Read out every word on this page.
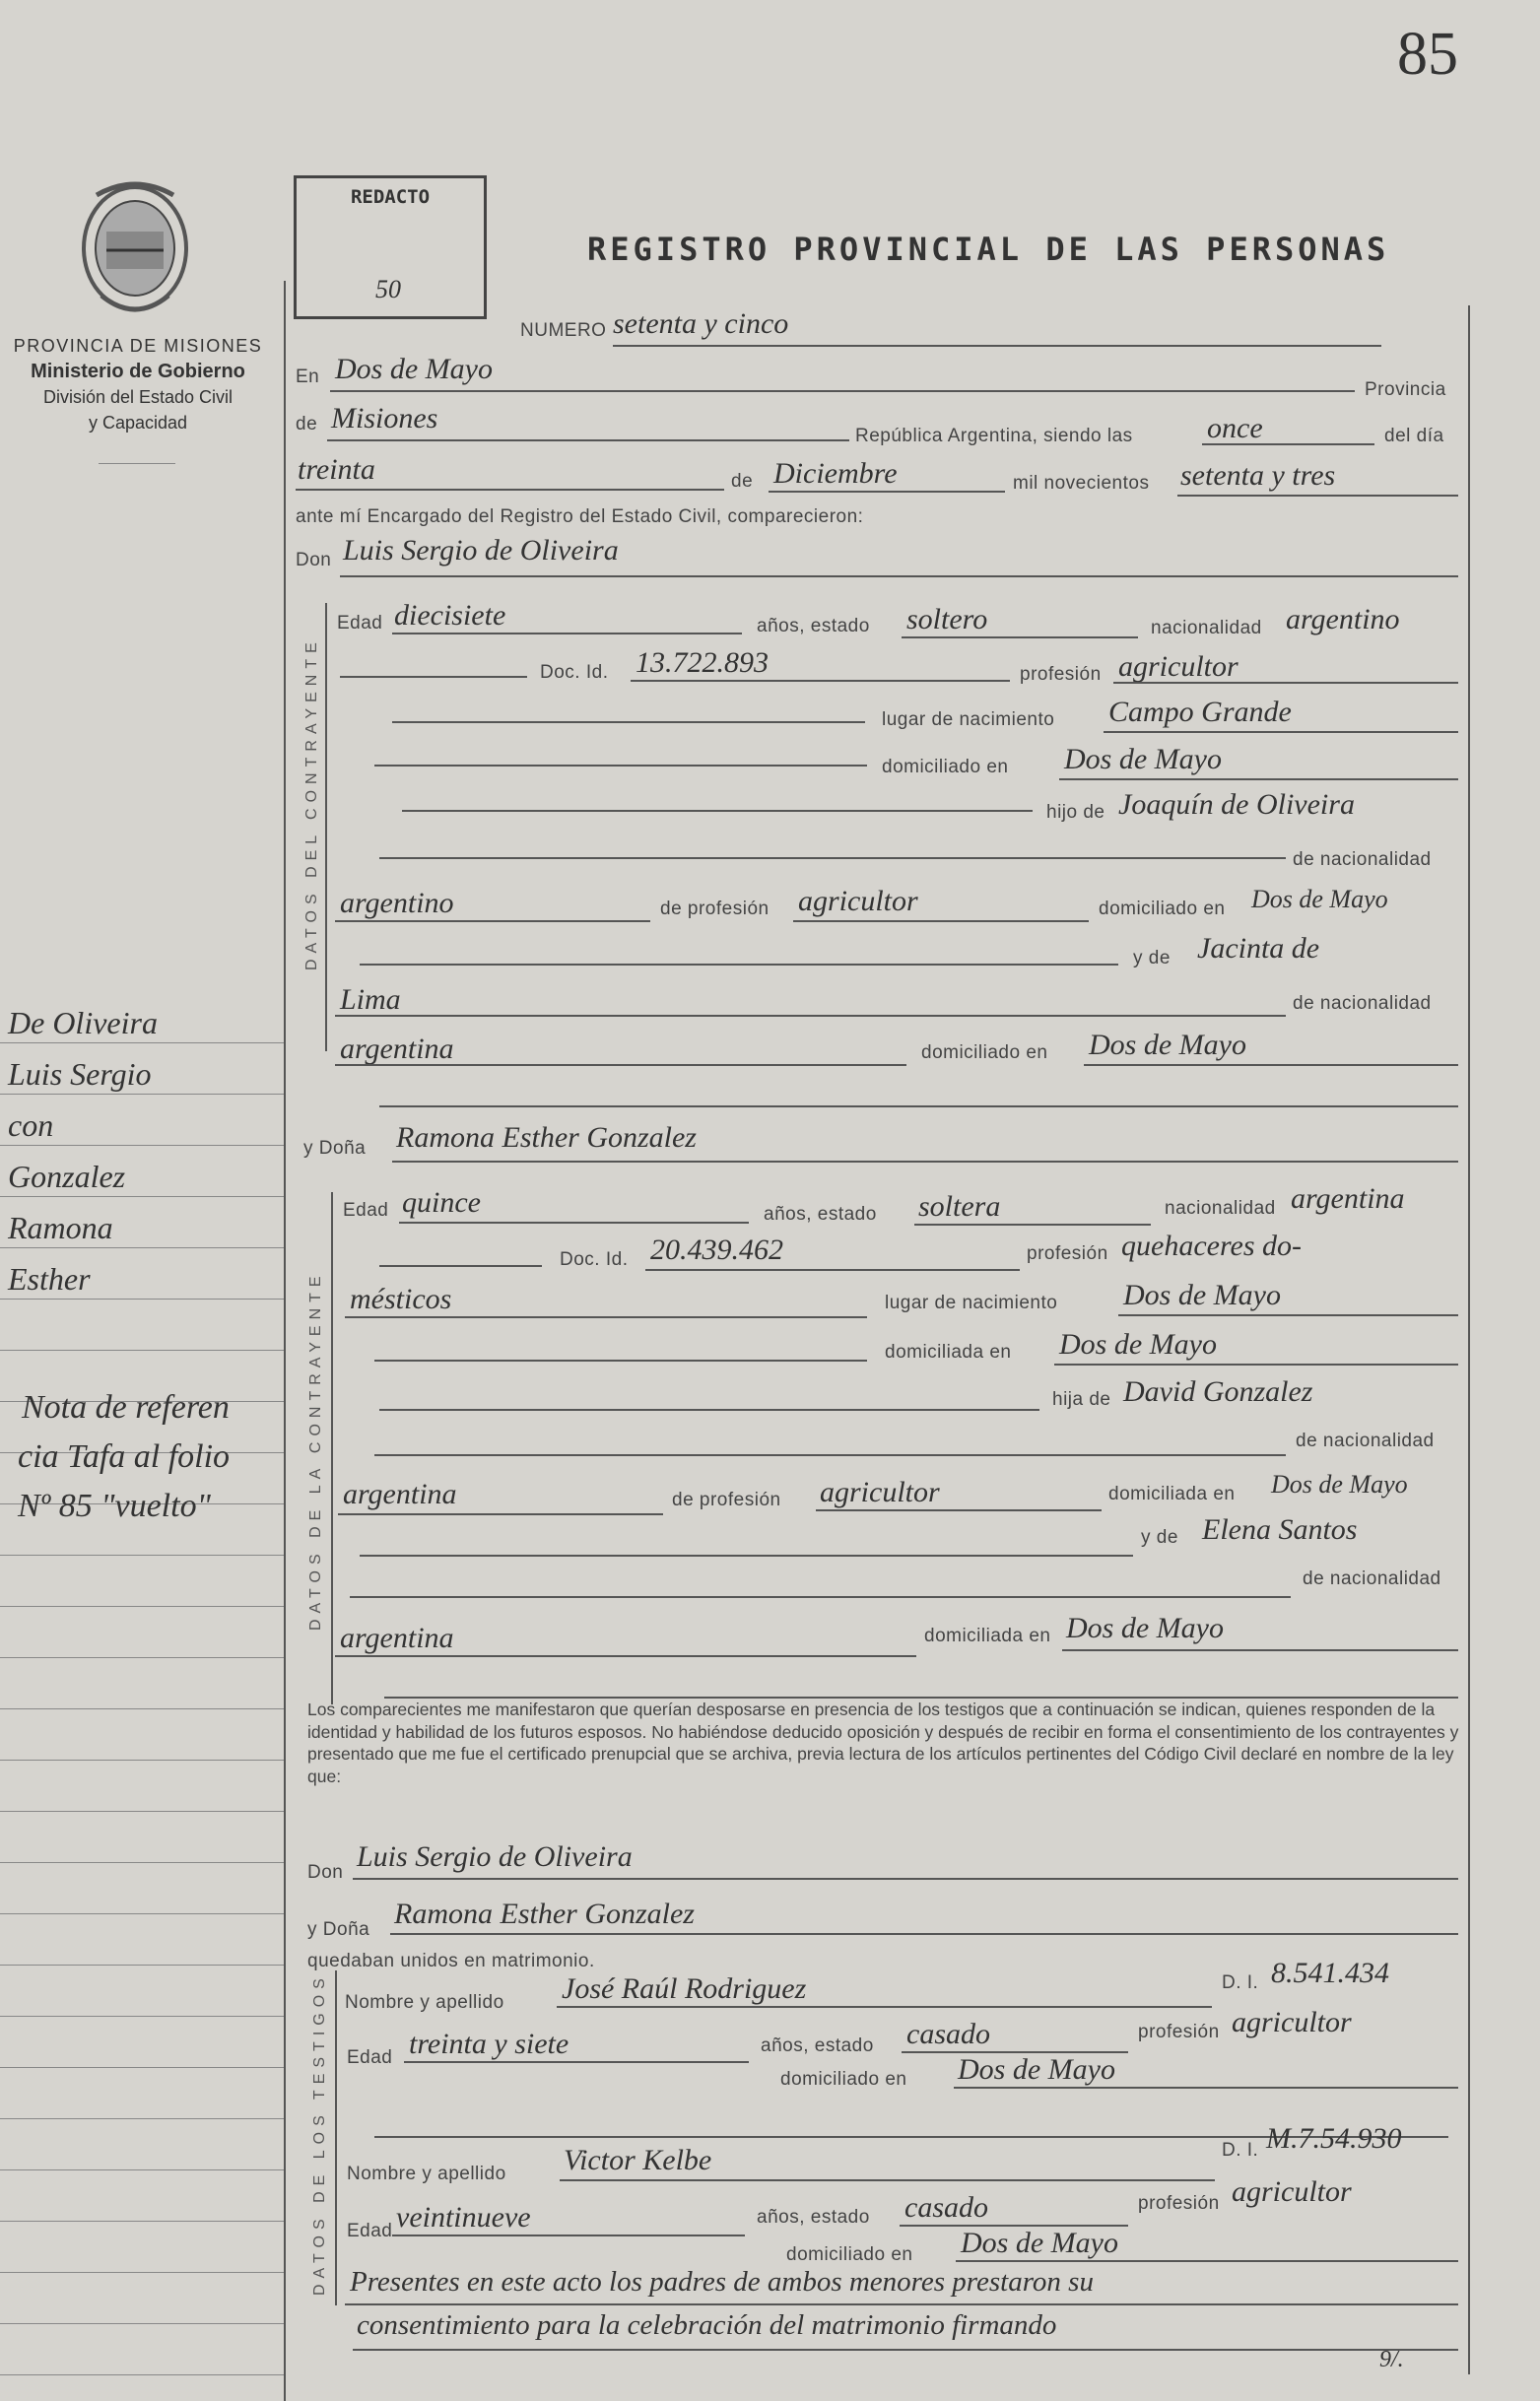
85
PROVINCIA DE MISIONES
Ministerio de Gobierno
División del Estado Civil
y Capacidad
De Oliveira
Luis Sergio
con
Gonzalez
Ramona
Esther
Nota de referen
cia Tafa al folio
Nº 85 "vuelto"
REDACTO
50
REGISTRO PROVINCIAL DE LAS PERSONAS
NUMERO setenta y cinco
En Dos de Mayo
Provincia
de Misiones
República Argentina, siendo las	once	del día
treinta	de Diciembre	mil novecientos setenta y tres
ante mí Encargado del Registro del Estado Civil, comparecieron:
Don Luis Sergio de Oliveira
DATOS DEL CONTRAYENTE
Edad diecisiete	años, estado soltero	nacionalidad argentino
Doc. Id. 13.722.893	profesión agricultor
lugar de nacimiento Campo Grande
domiciliado en Dos de Mayo
hijo de Joaquín de Oliveira
de nacionalidad
argentino	de profesión agricultor	domiciliado en Dos de Mayo
y de Jacinta de
Lima	de nacionalidad
argentina	domiciliado en Dos de Mayo
y Doña Ramona Esther Gonzalez
DATOS DE LA CONTRAYENTE
Edad quince	años, estado soltera	nacionalidad argentina
Doc. Id. 20.439.462	profesión quehaceres do-
mésticos	lugar de nacimiento Dos de Mayo
domiciliada en Dos de Mayo
hija de David Gonzalez
de nacionalidad
argentina	de profesión agricultor	domiciliada en Dos de Mayo
y de Elena Santos
de nacionalidad
argentina	domiciliada en Dos de Mayo
Los comparecientes me manifestaron que querían desposarse en presencia de los testigos que a continuación se indican, quienes responden de la identidad y habilidad de los futuros esposos. No habiéndose deducido oposición y después de recibir en forma el consentimiento de los contrayentes y presentado que me fue el certificado prenupcial que se archiva, previa lectura de los artículos pertinentes del Código Civil declaré en nombre de la ley que:
Don Luis Sergio de Oliveira
y Doña Ramona Esther Gonzalez
quedaban unidos en matrimonio.
DATOS DE LOS TESTIGOS Nombre y apellido José Raúl Rodriguez	D. I. 8.541.434
Edad treinta y siete	años, estado casado	profesión agricultor
domiciliado en Dos de Mayo
Nombre y apellido Victor Kelbe	D. I. M.7.54.930
Edad veintinueve	años, estado casado	profesión agricultor
domiciliado en Dos de Mayo
Presentes en este acto los padres de ambos menores prestaron su
consentimiento para la celebración del matrimonio firmando
9/.
